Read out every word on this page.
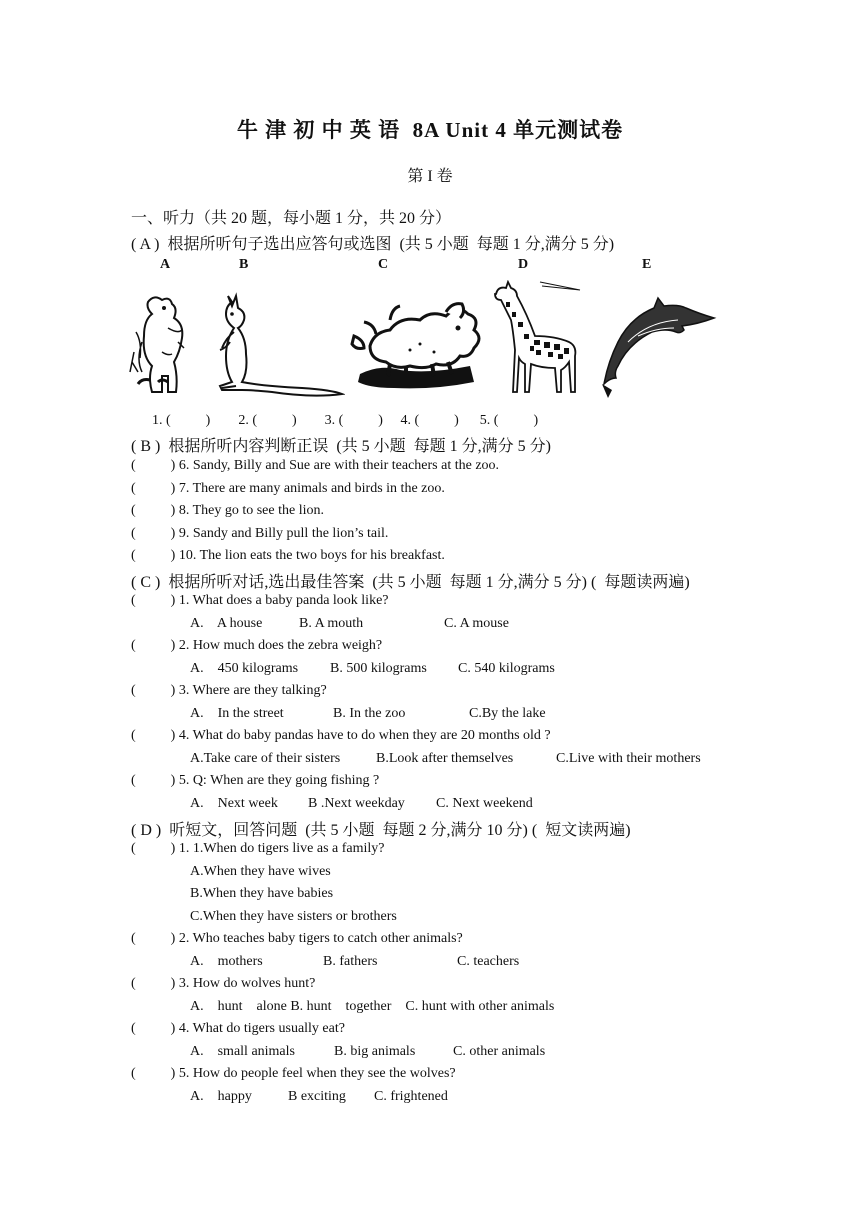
牛 津 初 中 英 语  8A Unit 4 单元测试卷
第 I 卷
一、听力（共 20 题，每小题 1 分，共 20 分）
( A )  根据所听句子选出应答句或选图  (共 5 小题  每题 1 分,满分 5 分)
A	B	C	D	E
1. (          )        2. (          )        3. (          )     4. (          )      5. (          )
( B )  根据所听内容判断正误  (共 5 小题  每题 1 分,满分 5 分)
(          ) 6. Sandy, Billy and Sue are with their teachers at the zoo.
(          ) 7. There are many animals and birds in the zoo.
(          ) 8. They go to see the lion.
(          ) 9. Sandy and Billy pull the lion’s tail.
(          ) 10. The lion eats the two boys for his breakfast.
( C )  根据所听对话,选出最佳答案  (共 5 小题  每题 1 分,满分 5 分) (  每题读两遍)
(          ) 1. What does a baby panda look like?
A.    A house	B. A mouth	C. A mouse
(          ) 2. How much does the zebra weigh?
A.    450 kilograms B. 500 kilograms C. 540 kilograms
(          ) 3. Where are they talking?
A.    In the street	B. In the zoo	C.By the lake
(          ) 4. What do baby pandas have to do when they are 20 months old ?
A.Take care of their sisters	B.Look after themselves	C.Live with their mothers
(          ) 5. Q: When are they going fishing ?
A.    Next week B .Next weekday C. Next weekend
( D )  听短文，回答问题  (共 5 小题  每题 2 分,满分 10 分) (  短文读两遍)
(          ) 1. 1.When do tigers live as a family?
A.When they have wives
B.When they have babies
C.When they have sisters or brothers
(          ) 2. Who teaches baby tigers to catch other animals?
A.    mothers	B. fathers	C. teachers
(          ) 3. How do wolves hunt?
A.    hunt    alone B. hunt    together    C. hunt with other animals
(          ) 4. What do tigers usually eat?
A.    small animals	B. big animals	C. other animals
(          ) 5. How do people feel when they see the wolves?
A.    happy	B exciting C. frightened
